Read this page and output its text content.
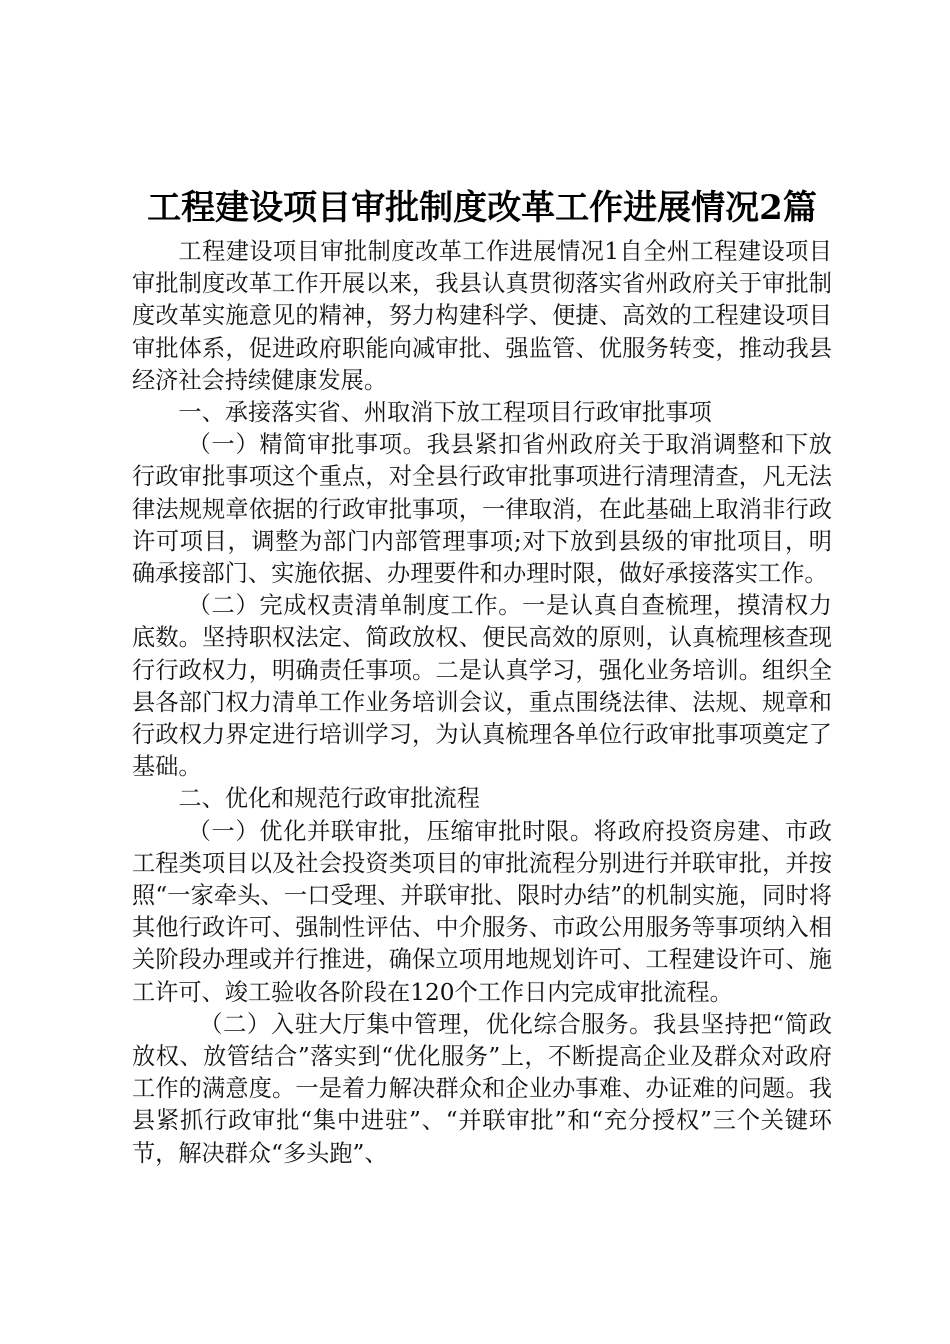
工程建设项目审批制度改革工作进展情况2篇

工程建设项目审批制度改革工作进展情况1自全州工程建设项目审批制度改革工作开展以来，我县认真贯彻落实省州政府关于审批制度改革实施意见的精神，努力构建科学、便捷、高效的工程建设项目审批体系，促进政府职能向减审批、强监管、优服务转变，推动我县经济社会持续健康发展。

一、承接落实省、州取消下放工程项目行政审批事项

（一）精简审批事项。我县紧扣省州政府关于取消调整和下放行政审批事项这个重点，对全县行政审批事项进行清理清查，凡无法律法规规章依据的行政审批事项，一律取消，在此基础上取消非行政许可项目，调整为部门内部管理事项;对下放到县级的审批项目，明确承接部门、实施依据、办理要件和办理时限，做好承接落实工作。

（二）完成权责清单制度工作。一是认真自查梳理，摸清权力底数。坚持职权法定、简政放权、便民高效的原则，认真梳理核查现行行政权力，明确责任事项。二是认真学习，强化业务培训。组织全县各部门权力清单工作业务培训会议，重点围绕法律、法规、规章和行政权力界定进行培训学习，为认真梳理各单位行政审批事项奠定了基础。

二、优化和规范行政审批流程

（一）优化并联审批，压缩审批时限。将政府投资房建、市政工程类项目以及社会投资类项目的审批流程分别进行并联审批，并按照“一家牵头、一口受理、并联审批、限时办结”的机制实施，同时将其他行政许可、强制性评估、中介服务、市政公用服务等事项纳入相关阶段办理或并行推进，确保立项用地规划许可、工程建设许可、施工许可、竣工验收各阶段在120个工作日内完成审批流程。

（二）入驻大厅集中管理，优化综合服务。我县坚持把“简政放权、放管结合”落实到“优化服务”上，不断提高企业及群众对政府工作的满意度。一是着力解决群众和企业办事难、办证难的问题。我县紧抓行政审批“集中进驻”、“并联审批”和“充分授权”三个关键环节，解决群众“多头跑”、
